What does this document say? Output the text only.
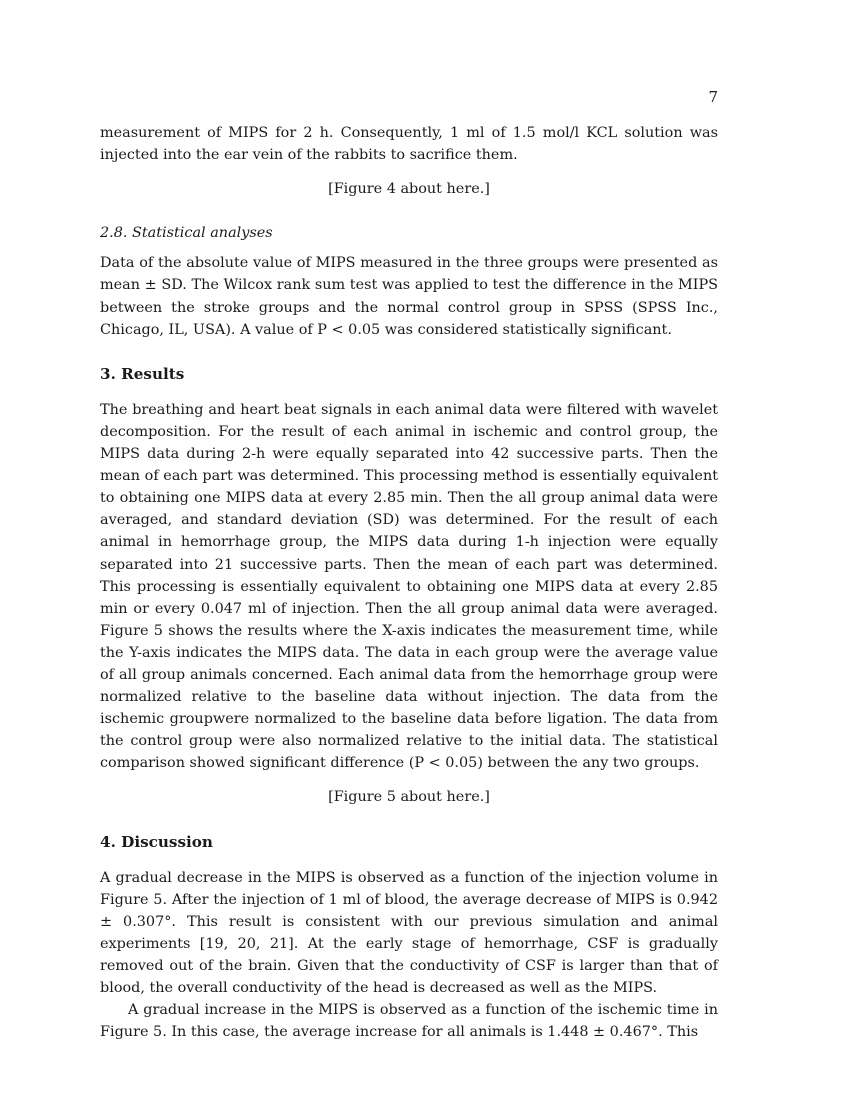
7

measurement of MIPS for 2 h. Consequently, 1 ml of 1.5 mol/l KCL solution was injected into the ear vein of the rabbits to sacrifice them.

[Figure 4 about here.]
2.8. Statistical analyses

Data of the absolute value of MIPS measured in the three groups were presented as mean ± SD. The Wilcox rank sum test was applied to test the difference in the MIPS between the stroke groups and the normal control group in SPSS (SPSS Inc., Chicago, IL, USA). A value of P < 0.05 was considered statistically significant.

3. Results

The breathing and heart beat signals in each animal data were filtered with wavelet decomposition. For the result of each animal in ischemic and control group, the MIPS data during 2-h were equally separated into 42 successive parts. Then the mean of each part was determined. This processing method is essentially equivalent to obtaining one MIPS data at every 2.85 min. Then the all group animal data were averaged, and standard deviation (SD) was determined. For the result of each animal in hemorrhage group, the MIPS data during 1-h injection were equally separated into 21 successive parts. Then the mean of each part was determined. This processing is essentially equivalent to obtaining one MIPS data at every 2.85 min or every 0.047 ml of injection. Then the all group animal data were averaged. Figure 5 shows the results where the X-axis indicates the measurement time, while the Y-axis indicates the MIPS data. The data in each group were the average value of all group animals concerned. Each animal data from the hemorrhage group were normalized relative to the baseline data without injection. The data from the ischemic groupwere normalized to the baseline data before ligation. The data from the control group were also normalized relative to the initial data. The statistical comparison showed significant difference (P < 0.05) between the any two groups.

[Figure 5 about here.]
4. Discussion

A gradual decrease in the MIPS is observed as a function of the injection volume in Figure 5. After the injection of 1 ml of blood, the average decrease of MIPS is 0.942 ± 0.307°. This result is consistent with our previous simulation and animal experiments [19, 20, 21]. At the early stage of hemorrhage, CSF is gradually removed out of the brain. Given that the conductivity of CSF is larger than that of blood, the overall conductivity of the head is decreased as well as the MIPS.

A gradual increase in the MIPS is observed as a function of the ischemic time in Figure 5. In this case, the average increase for all animals is 1.448 ± 0.467°. This
